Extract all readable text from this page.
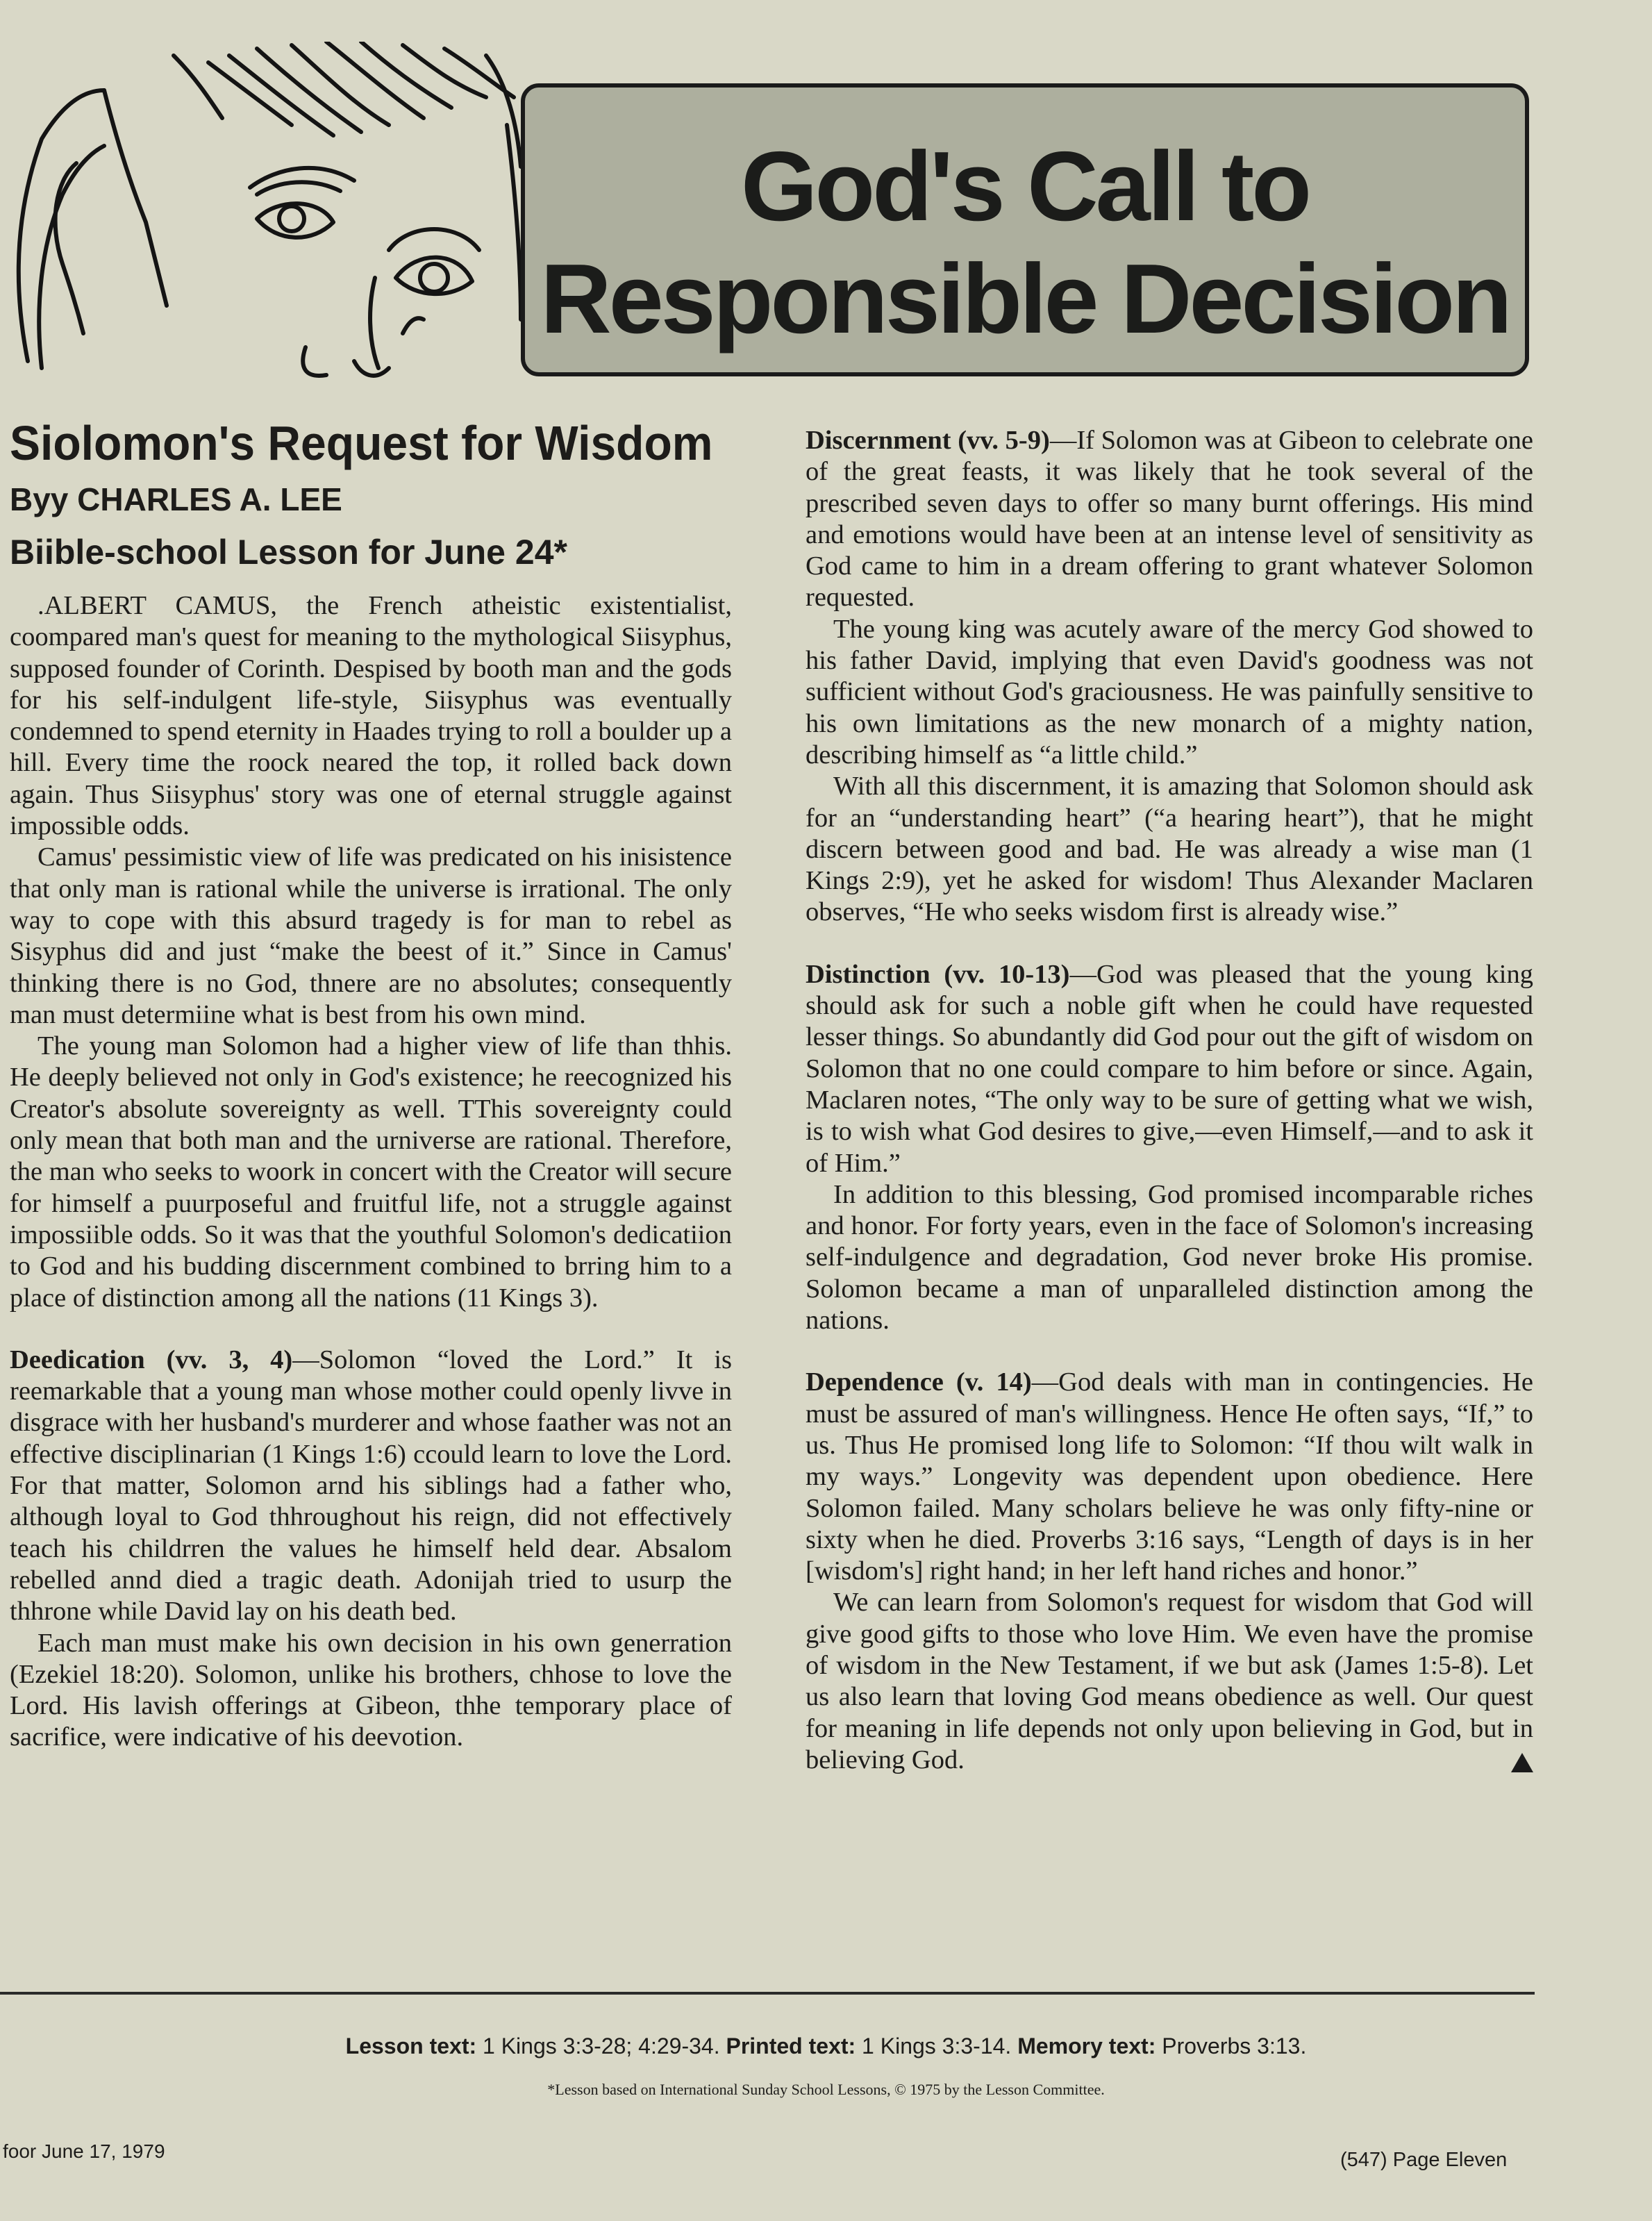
God's Call to
Responsible Decision
Siolomon's Request for Wisdom
Byy CHARLES A. LEE
Biible-school Lesson for June 24*

.ALBERT CAMUS, the French atheistic existentialist, coompared man's quest for meaning to the mythological Siisyphus, supposed founder of Corinth. Despised by booth man and the gods for his self-indulgent life-style, Siisyphus was eventually condemned to spend eternity in Haades trying to roll a boulder up a hill. Every time the roock neared the top, it rolled back down again. Thus Siisyphus' story was one of eternal struggle against impossible odds.

Camus' pessimistic view of life was predicated on his inisistence that only man is rational while the universe is irrational. The only way to cope with this absurd tragedy is for man to rebel as Sisyphus did and just “make the beest of it.” Since in Camus' thinking there is no God, thnere are no absolutes; consequently man must determiine what is best from his own mind.

The young man Solomon had a higher view of life than thhis. He deeply believed not only in God's existence; he reecognized his Creator's absolute sovereignty as well. TThis sovereignty could only mean that both man and the urniverse are rational. Therefore, the man who seeks to woork in concert with the Creator will secure for himself a puurposeful and fruitful life, not a struggle against impossiible odds. So it was that the youthful Solomon's dedicatiion to God and his budding discernment combined to brring him to a place of distinction among all the nations (11 Kings 3).

Deedication (vv. 3, 4)—Solomon “loved the Lord.” It is reemarkable that a young man whose mother could openly livve in disgrace with her husband's murderer and whose faather was not an effective disciplinarian (1 Kings 1:6) ccould learn to love the Lord. For that matter, Solomon arnd his siblings had a father who, although loyal to God thhroughout his reign, did not effectively teach his childrren the values he himself held dear. Absalom rebelled annd died a tragic death. Adonijah tried to usurp the thhrone while David lay on his death bed.

Each man must make his own decision in his own generration (Ezekiel 18:20). Solomon, unlike his brothers, chhose to love the Lord. His lavish offerings at Gibeon, thhe temporary place of sacrifice, were indicative of his deevotion.

Discernment (vv. 5-9)—If Solomon was at Gibeon to celebrate one of the great feasts, it was likely that he took several of the prescribed seven days to offer so many burnt offerings. His mind and emotions would have been at an intense level of sensitivity as God came to him in a dream offering to grant whatever Solomon requested.

The young king was acutely aware of the mercy God showed to his father David, implying that even David's goodness was not sufficient without God's graciousness. He was painfully sensitive to his own limitations as the new monarch of a mighty nation, describing himself as “a little child.”

With all this discernment, it is amazing that Solomon should ask for an “understanding heart” (“a hearing heart”), that he might discern between good and bad. He was already a wise man (1 Kings 2:9), yet he asked for wisdom! Thus Alexander Maclaren observes, “He who seeks wisdom first is already wise.”

Distinction (vv. 10-13)—God was pleased that the young king should ask for such a noble gift when he could have requested lesser things. So abundantly did God pour out the gift of wisdom on Solomon that no one could compare to him before or since. Again, Maclaren notes, “The only way to be sure of getting what we wish, is to wish what God desires to give,—even Himself,—and to ask it of Him.”

In addition to this blessing, God promised incomparable riches and honor. For forty years, even in the face of Solomon's increasing self-indulgence and degradation, God never broke His promise. Solomon became a man of unparalleled distinction among the nations.

Dependence (v. 14)—God deals with man in contingencies. He must be assured of man's willingness. Hence He often says, “If,” to us. Thus He promised long life to Solomon: “If thou wilt walk in my ways.” Longevity was dependent upon obedience. Here Solomon failed. Many scholars believe he was only fifty-nine or sixty when he died. Proverbs 3:16 says, “Length of days is in her [wisdom's] right hand; in her left hand riches and honor.”

We can learn from Solomon's request for wisdom that God will give good gifts to those who love Him. We even have the promise of wisdom in the New Testament, if we but ask (James 1:5-8). Let us also learn that loving God means obedience as well. Our quest for meaning in life depends not only upon believing in God, but in believing God.

Lesson text: 1 Kings 3:3-28; 4:29-34. Printed text: 1 Kings 3:3-14. Memory text: Proverbs 3:13.
*Lesson based on International Sunday School Lessons, © 1975 by the Lesson Committee.
foor June 17, 1979	(547) Page Eleven
